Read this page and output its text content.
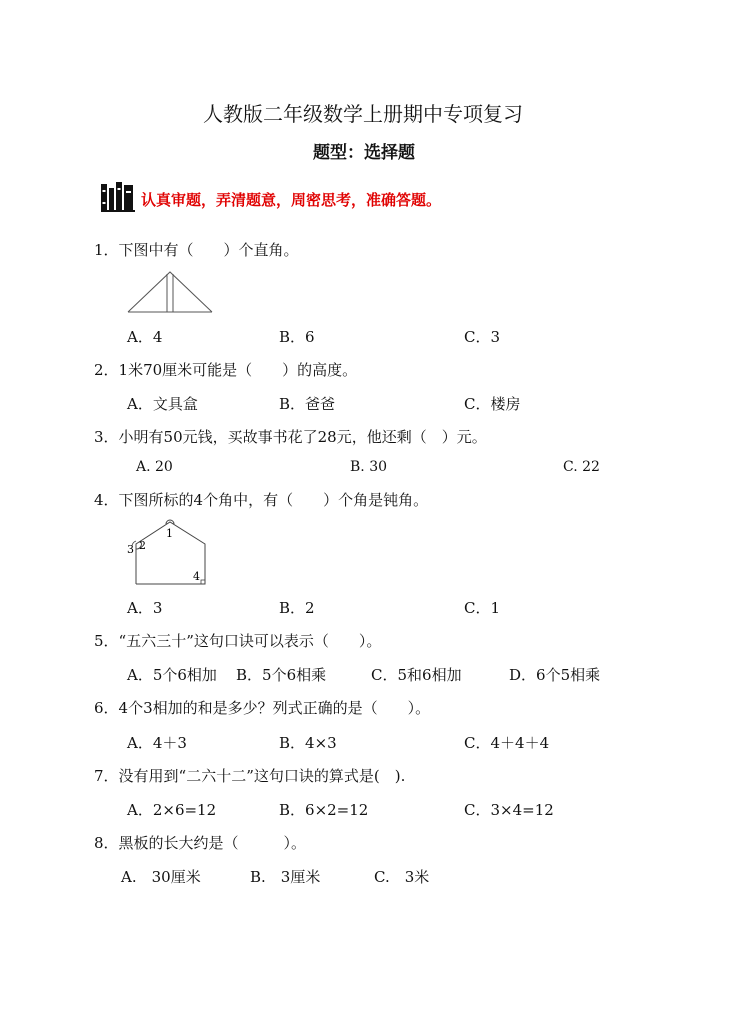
人教版二年级数学上册期中专项复习
题型：选择题
认真审题，弄清题意，周密思考，准确答题。
1．下图中有（　　）个直角。
A．4	B．6	C．3
2．1米70厘米可能是（　　）的高度。
A．文具盒	B．爸爸	C．楼房
3．小明有50元钱，买故事书花了28元，他还剩（　）元。
A. 20	B. 30	C. 22
4．下图所标的4个角中，有（　　）个角是钝角。
1
2
3
4
A．3	B．2	C．1
5．“五六三十”这句口诀可以表示（　　）。
A．5个6相加 B．5个6相乘	C．5和6相加	D．6个5相乘
6．4个3相加的和是多少？列式正确的是（　　）。
A．4＋3	B．4×3	C．4＋4＋4
7．没有用到“二六十二”这句口诀的算式是(　).
A．2×6=12	B．6×2=12	C．3×4=12
8．黑板的长大约是（　　　）。
A.　30厘米	B.　3厘米	C.　3米
